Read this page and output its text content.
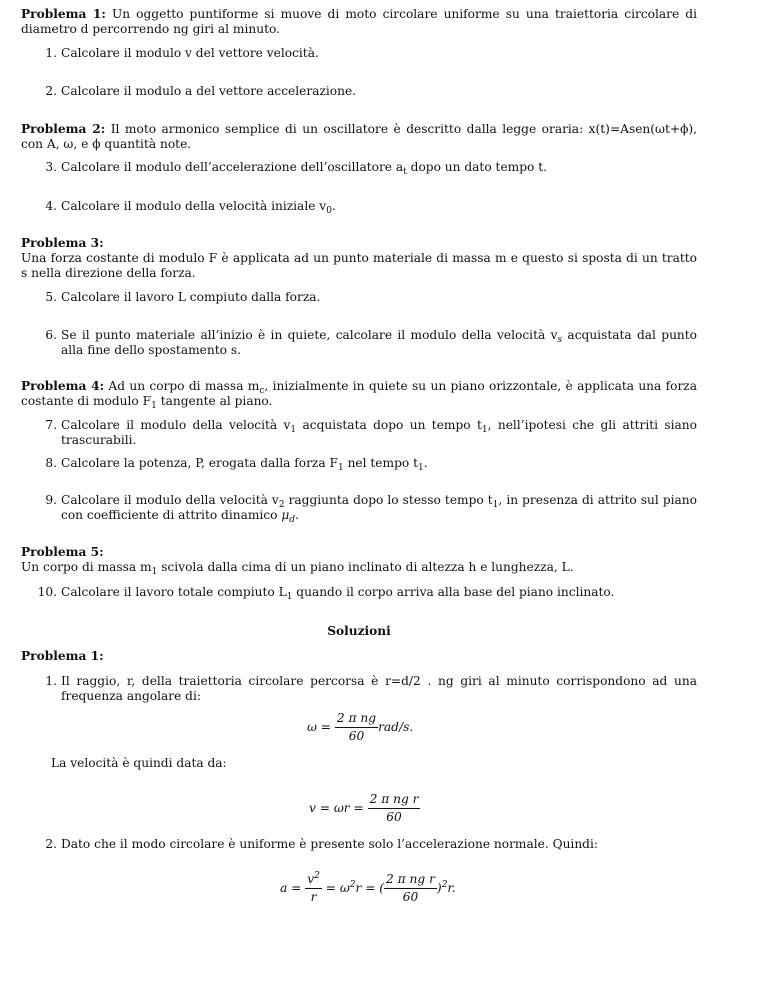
Problema 1: Un oggetto puntiforme si muove di moto circolare uniforme su una traiettoria circolare di diametro d percorrendo ng giri al minuto.
1. Calcolare il modulo v del vettore velocità.
2. Calcolare il modulo a del vettore accelerazione.
Problema 2: Il moto armonico semplice di un oscillatore è descritto dalla legge oraria: x(t)=Asen(ωt+ϕ), con A, ω, e ϕ quantità note.
3. Calcolare il modulo dell’accelerazione dell’oscillatore $a_t$ dopo un dato tempo t.
4. Calcolare il modulo della velocità iniziale $v_0$.
Problema 3:
Una forza costante di modulo F è applicata ad un punto materiale di massa m e questo si sposta di un tratto s nella direzione della forza.
5. Calcolare il lavoro L compiuto dalla forza.
6. Se il punto materiale all’inizio è in quiete, calcolare il modulo della velocità $v_s$ acquistata dal punto alla fine dello spostamento s.
Problema 4: Ad un corpo di massa $m_c$, inizialmente in quiete su un piano orizzontale, è applicata una forza costante di modulo $F_1$ tangente al piano.
7. Calcolare il modulo della velocità $v_1$ acquistata dopo un tempo $t_1$, nell’ipotesi che gli attriti siano trascurabili.
8. Calcolare la potenza, P, erogata dalla forza $F_1$ nel tempo $t_1$.
9. Calcolare il modulo della velocità $v_2$ raggiunta dopo lo stesso tempo $t_1$, in presenza di attrito sul piano con coefficiente di attrito dinamico $\mu_d$.
Problema 5:
Un corpo di massa $m_1$ scivola dalla cima di un piano inclinato di altezza h e lunghezza, L.
10. Calcolare il lavoro totale compiuto $L_1$ quando il corpo arriva alla base del piano inclinato.
Soluzioni
Problema 1:
1. Il raggio, r, della traiettoria circolare percorsa è r=d/2 . ng giri al minuto corrispondono ad una frequenza angolare di:
$\omega = \frac{\text{2 π ng}}{60} rad/s$.
La velocità è quindi data da:
$v = \omega r = \frac{\text{2 π ng r}}{60}$
2. Dato che il modo circolare è uniforme è presente solo l’accelerazione normale. Quindi:
$a = \frac{v^2}{r} = \omega^2r$ = ( $\frac{\text{2 π ng r}}{60} )^2r$.
